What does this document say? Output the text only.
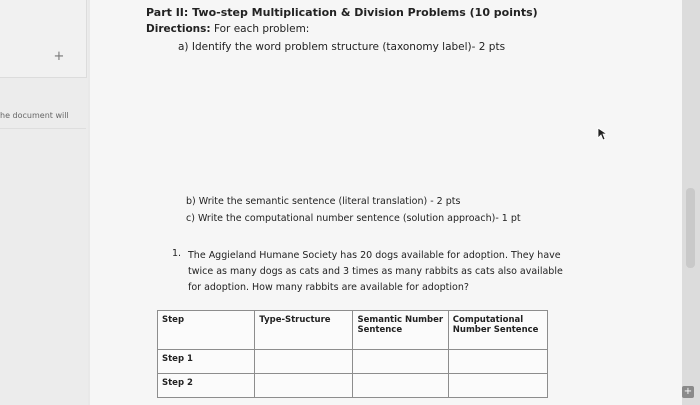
+
he document will
+
Part II: Two-step Multiplication & Division Problems (10 points)
Directions: For each problem:
a) Identify the word problem structure (taxonomy label)- 2 pts
b) Write the semantic sentence (literal translation) - 2 pts
c) Write the computational number sentence (solution approach)- 1 pt
1. The Aggieland Humane Society has 20 dogs available for adoption. They have twice as many dogs as cats and 3 times as many rabbits as cats also available for adoption. How many rabbits are available for adoption?
Step	Type-Structure	Semantic Number Sentence	Computational Number Sentence
Step 1			
Step 2			
